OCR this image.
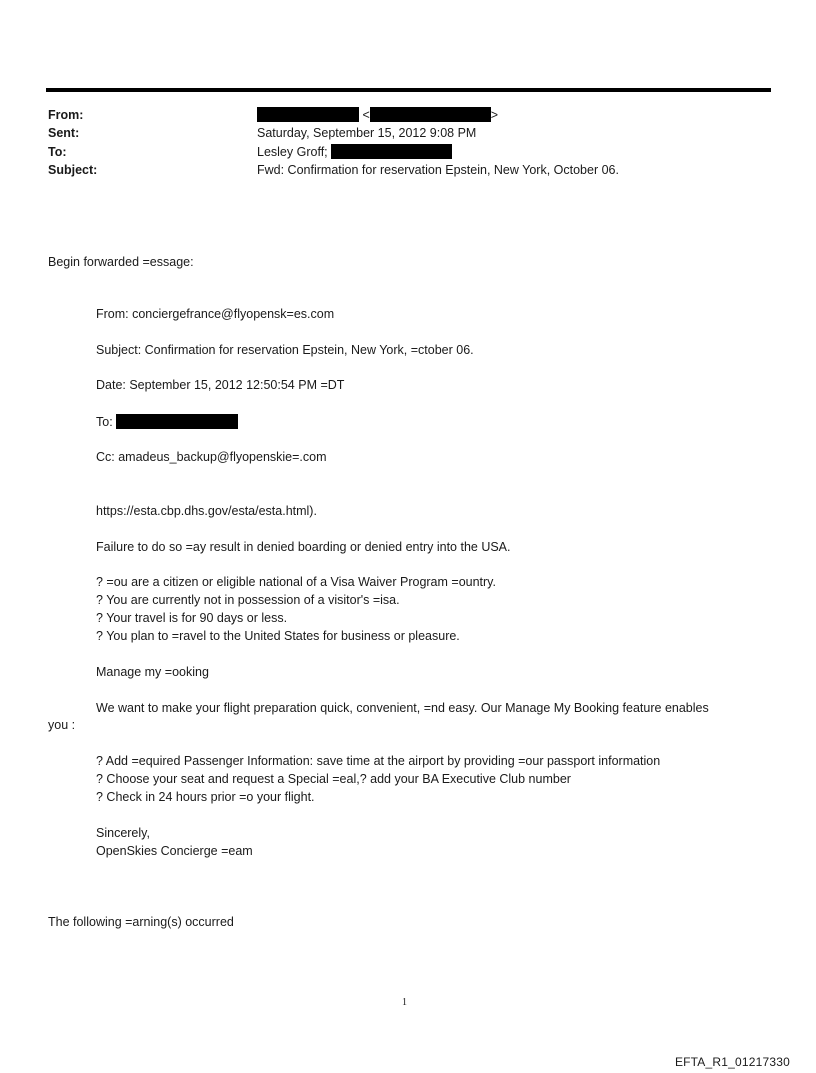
From:
Sent:
To:
Subject:
<	>
Saturday, September 15, 2012 9:08 PM
Lesley Groff;
Fwd: Confirmation for reservation Epstein, New York, October 06.
Begin forwarded =essage:
From: conciergefrance@flyopensk=es.com
Subject: Confirmation for reservation Epstein, New York, =ctober 06.
Date: September 15, 2012 12:50:54 PM =DT
To:
Cc: amadeus_backup@flyopenskie=.com
https://esta.cbp.dhs.gov/esta/esta.html).
Failure to do so =ay result in denied boarding or denied entry into the USA.
? =ou are a citizen or eligible national of a Visa Waiver Program =ountry.
? You are currently not in possession of a visitor's =isa.
? Your travel is for 90 days or less.
? You plan to =ravel to the United States for business or pleasure.
Manage my =ooking
We want to make your flight preparation quick, convenient, =nd easy. Our Manage My Booking feature enables
you :
? Add =equired Passenger Information: save time at the airport by providing =our passport information
? Choose your seat and request a Special =eal,? add your BA Executive Club number
? Check in 24 hours prior =o your flight.
Sincerely,
OpenSkies Concierge =eam
The following =arning(s) occurred
1
EFTA_R1_01217330
